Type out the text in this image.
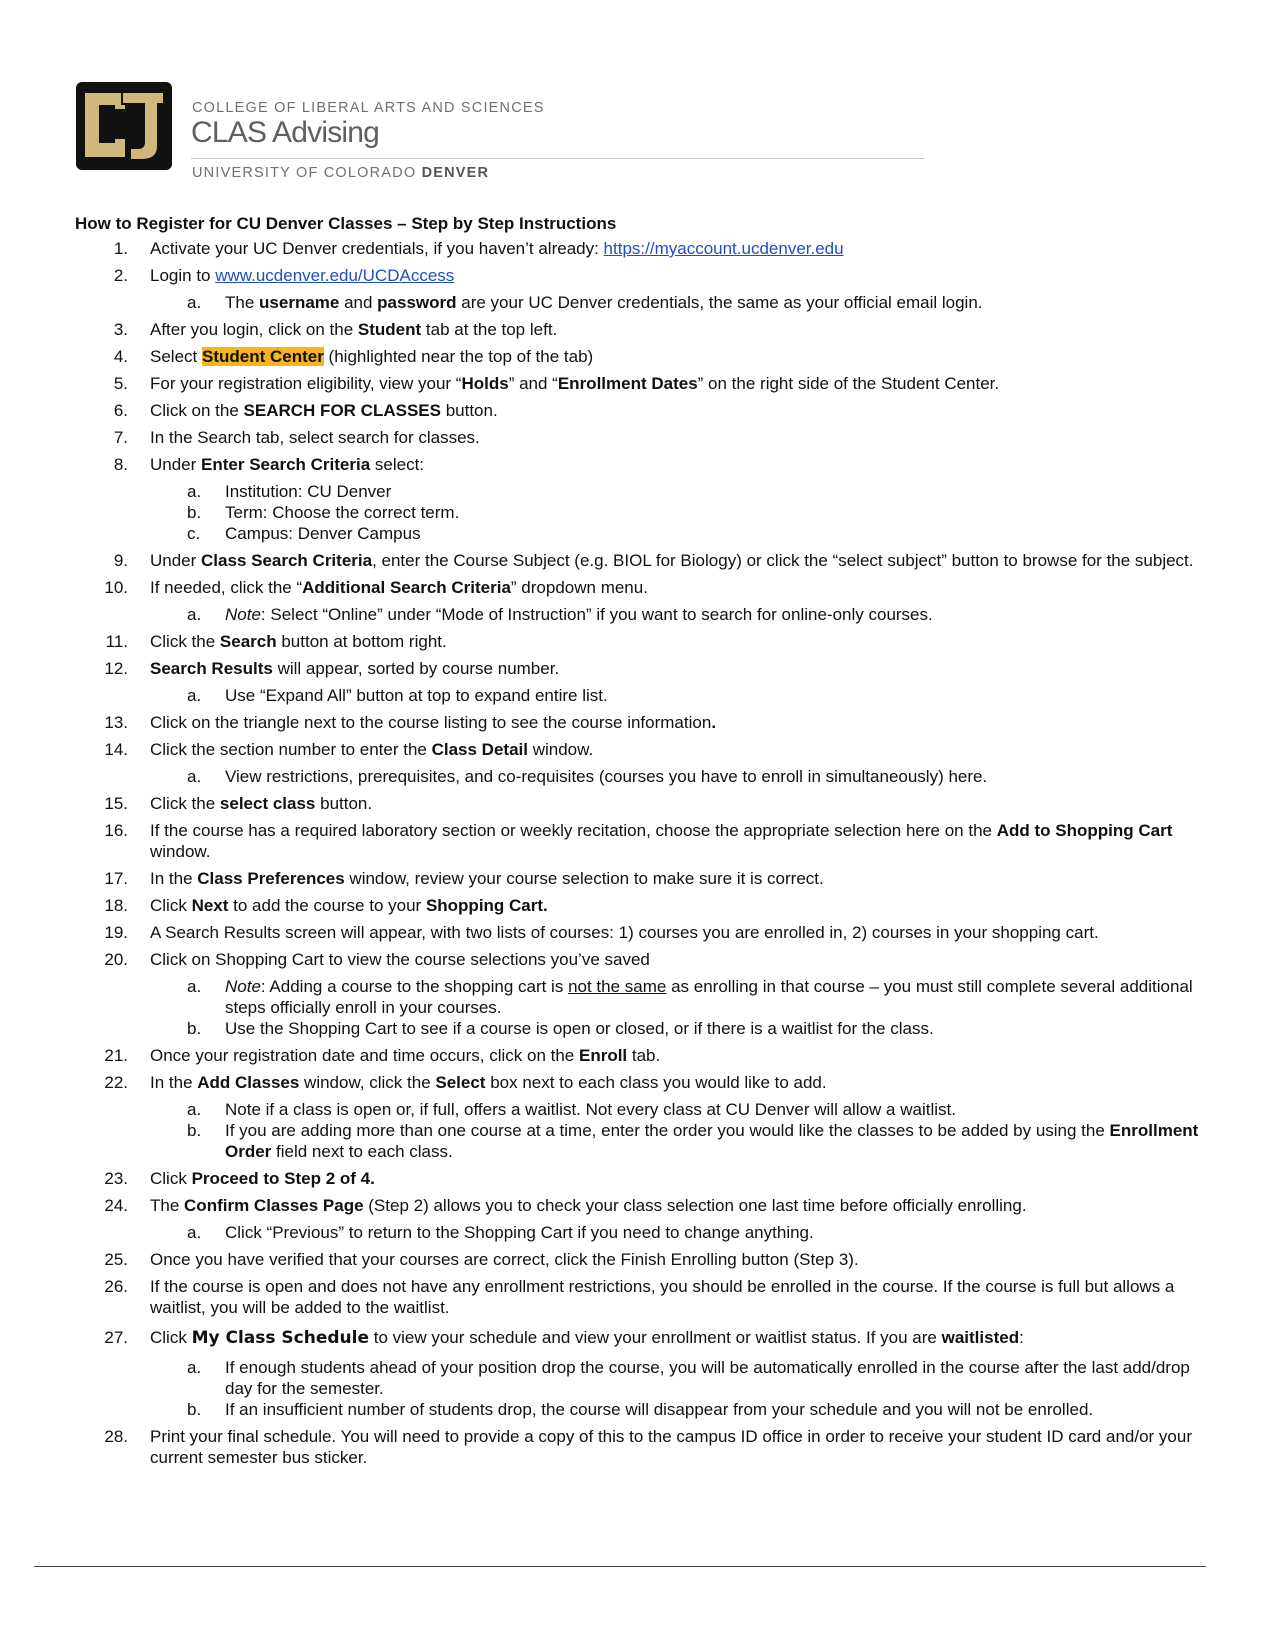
COLLEGE OF LIBERAL ARTS AND SCIENCES
CLAS Advising
UNIVERSITY OF COLORADO DENVER
How to Register for CU Denver Classes – Step by Step Instructions
1. Activate your UC Denver credentials, if you haven’t already: https://myaccount.ucdenver.edu
2. Login to www.ucdenver.edu/UCDAccess
a. The username and password are your UC Denver credentials, the same as your official email login.
3. After you login, click on the Student tab at the top left.
4. Select Student Center (highlighted near the top of the tab)
5. For your registration eligibility, view your “Holds” and “Enrollment Dates” on the right side of the Student Center.
6. Click on the SEARCH FOR CLASSES button.
7. In the Search tab, select search for classes.
8. Under Enter Search Criteria select:
a. Institution: CU Denver
b. Term: Choose the correct term.
c. Campus: Denver Campus
9. Under Class Search Criteria, enter the Course Subject (e.g. BIOL for Biology) or click the “select subject” button to browse for the subject.
10. If needed, click the “Additional Search Criteria” dropdown menu.
a. Note: Select “Online” under “Mode of Instruction” if you want to search for online-only courses.
11. Click the Search button at bottom right.
12. Search Results will appear, sorted by course number.
a. Use “Expand All” button at top to expand entire list.
13. Click on the triangle next to the course listing to see the course information.
14. Click the section number to enter the Class Detail window.
a. View restrictions, prerequisites, and co-requisites (courses you have to enroll in simultaneously) here.
15. Click the select class button.
16. If the course has a required laboratory section or weekly recitation, choose the appropriate selection here on the Add to Shopping Cart window.
17. In the Class Preferences window, review your course selection to make sure it is correct.
18. Click Next to add the course to your Shopping Cart.
19. A Search Results screen will appear, with two lists of courses: 1) courses you are enrolled in, 2) courses in your shopping cart.
20. Click on Shopping Cart to view the course selections you’ve saved
a. Note: Adding a course to the shopping cart is not the same as enrolling in that course – you must still complete several additional steps officially enroll in your courses.
b. Use the Shopping Cart to see if a course is open or closed, or if there is a waitlist for the class.
21. Once your registration date and time occurs, click on the Enroll tab.
22. In the Add Classes window, click the Select box next to each class you would like to add.
a. Note if a class is open or, if full, offers a waitlist. Not every class at CU Denver will allow a waitlist.
b. If you are adding more than one course at a time, enter the order you would like the classes to be added by using the Enrollment Order field next to each class.
23. Click Proceed to Step 2 of 4.
24. The Confirm Classes Page (Step 2) allows you to check your class selection one last time before officially enrolling.
a. Click “Previous” to return to the Shopping Cart if you need to change anything.
25. Once you have verified that your courses are correct, click the Finish Enrolling button (Step 3).
26. If the course is open and does not have any enrollment restrictions, you should be enrolled in the course. If the course is full but allows a waitlist, you will be added to the waitlist.
27. Click My Class Schedule to view your schedule and view your enrollment or waitlist status. If you are waitlisted:
a. If enough students ahead of your position drop the course, you will be automatically enrolled in the course after the last add/drop day for the semester.
b. If an insufficient number of students drop, the course will disappear from your schedule and you will not be enrolled.
28. Print your final schedule. You will need to provide a copy of this to the campus ID office in order to receive your student ID card and/or your current semester bus sticker.
